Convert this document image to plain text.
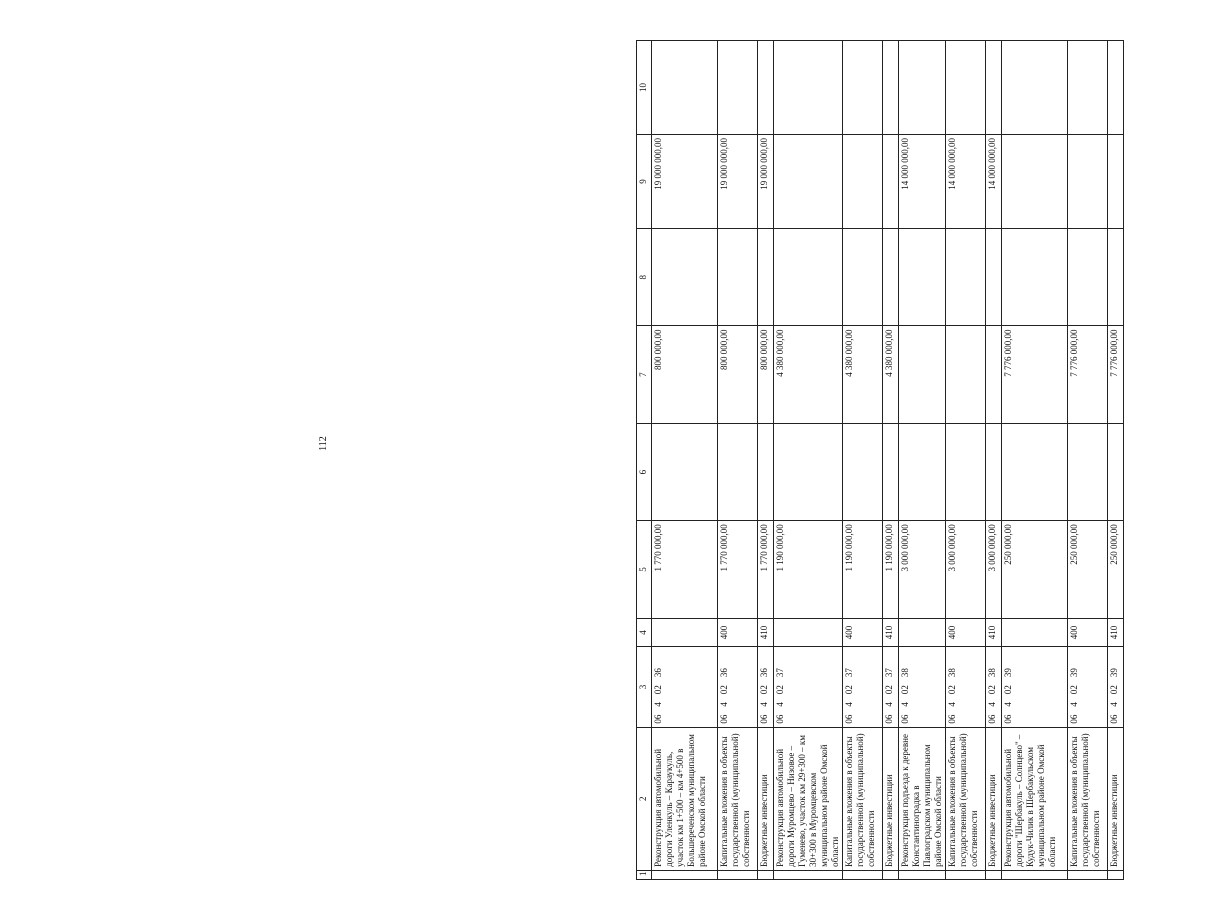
112
1	2	3	4	5	6	7	8	9	10
	Реконструкция автомобильной дороги Уленкуль – Караукуль, участок км 1+500 – км 4+500 в Большереченском муниципальном районе Омской области	0640236		1 770 000,00		800 000,00		19 000 000,00	
	Капитальные вложения в объекты государственной (муниципальной) собственности	0640236	400	1 770 000,00		800 000,00		19 000 000,00	
	Бюджетные инвестиции	0640236	410	1 770 000,00		800 000,00		19 000 000,00	
	Реконструкция автомобильной дороги Муромцево – Низовое – Гуменево, участок км 29+300 – км 30+300 в Муромцевском муниципальном районе Омской области	0640237		1 190 000,00		4 380 000,00			
	Капитальные вложения в объекты государственной (муниципальной) собственности	0640237	400	1 190 000,00		4 380 000,00			
	Бюджетные инвестиции	0640237	410	1 190 000,00		4 380 000,00			
	Реконструкция подъезда к деревне Константиноградка в Павлоградском муниципальном районе Омской области	0640238		3 000 000,00				14 000 000,00	
	Капитальные вложения в объекты государственной (муниципальной) собственности	0640238	400	3 000 000,00				14 000 000,00	
	Бюджетные инвестиции	0640238	410	3 000 000,00				14 000 000,00	
	Реконструкция автомобильной дороги "Шербакуль – Солнцево" – Кудук-Чилик в Шербакульском муниципальном районе Омской области	0640239		250 000,00		7 776 000,00			
	Капитальные вложения в объекты государственной (муниципальной) собственности	0640239	400	250 000,00		7 776 000,00			
	Бюджетные инвестиции	0640239	410	250 000,00		7 776 000,00			
